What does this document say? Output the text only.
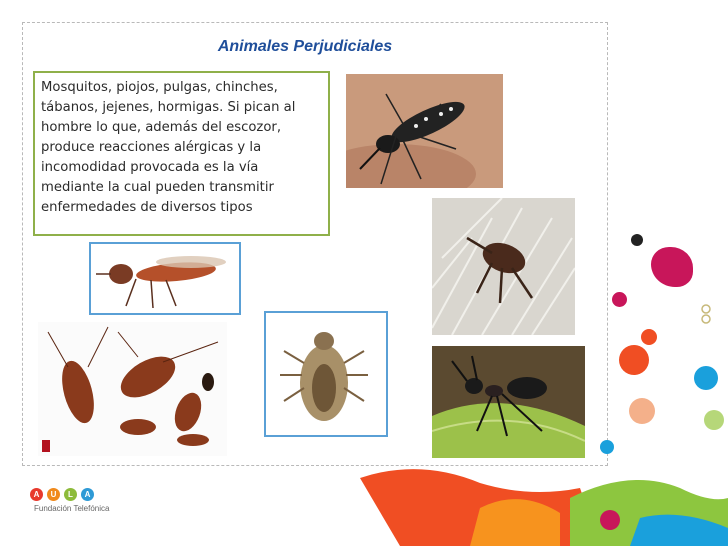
Animales Perjudiciales
Mosquitos, piojos, pulgas, chinches,
tábanos, jejenes, hormigas. Si pican al
hombre lo que, además del escozor,
produce reacciones alérgicas y la
incomodidad provocada es la vía
mediante la cual pueden transmitir
enfermedades de diversos tipos
A	U	L	A
Fundación Telefónica
